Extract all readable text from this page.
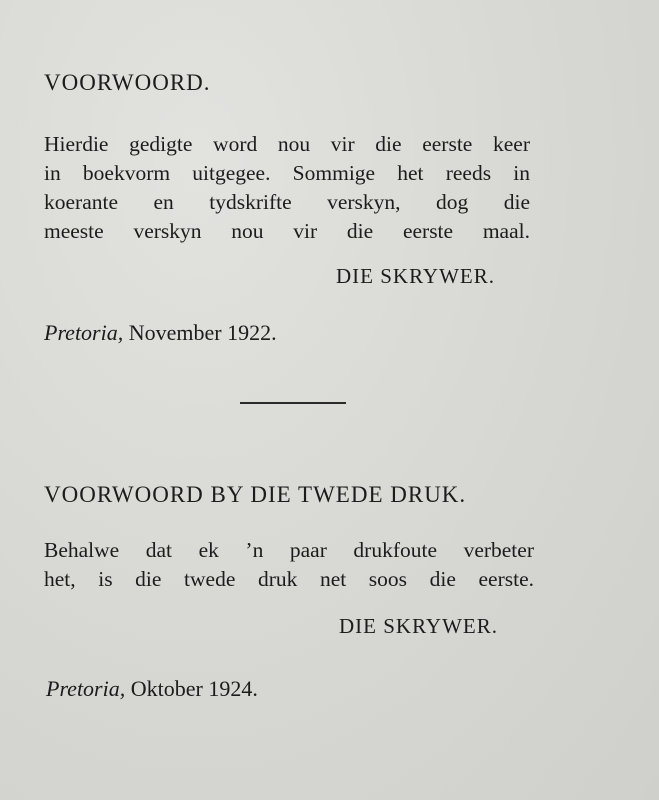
VOORWOORD.
Hierdie gedigte word nou vir die eerste keer
in boekvorm uitgegee. Sommige het reeds in
koerante en tydskrifte verskyn, dog die
meeste verskyn nou vir die eerste maal.
DIE SKRYWER.
Pretoria, November 1922.
VOORWOORD BY DIE TWEDE DRUK.
Behalwe dat ek ’n paar drukfoute verbeter
het, is die twede druk net soos die eerste.
DIE SKRYWER.
Pretoria, Oktober 1924.
